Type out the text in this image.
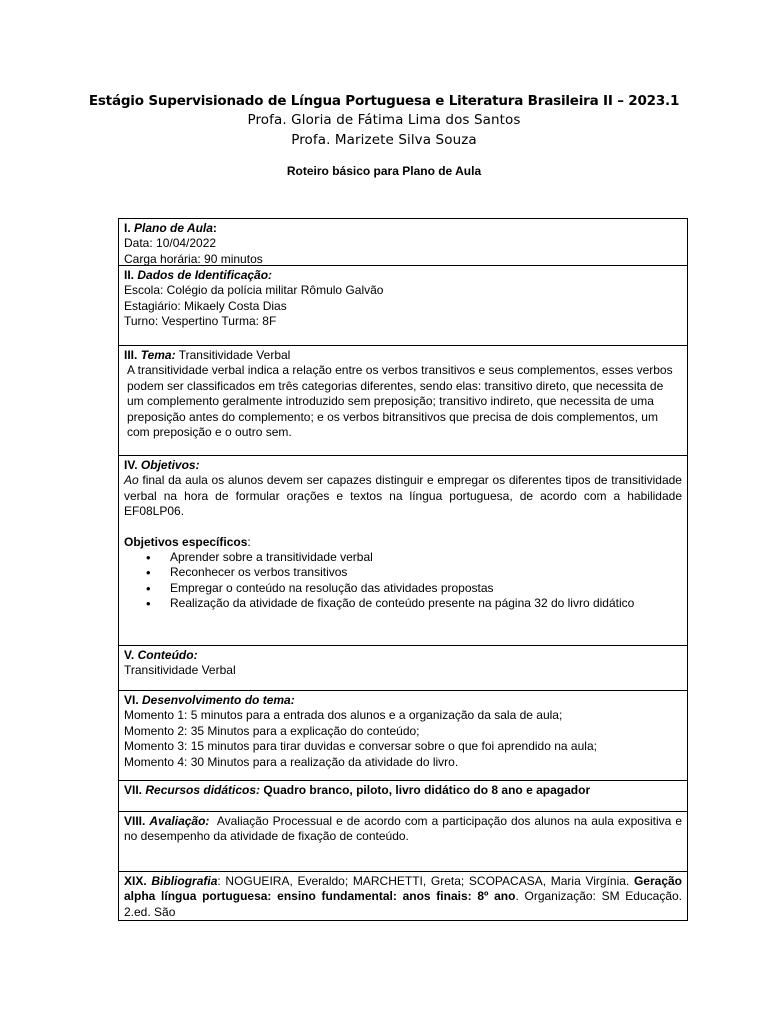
Estágio Supervisionado de Língua Portuguesa e Literatura Brasileira II – 2023.1
Profa. Gloria de Fátima Lima dos Santos
Profa. Marizete Silva Souza
Roteiro básico para Plano de Aula

I. Plano de Aula:

Data: 10/04/2022

Carga horária: 90 minutos

II. Dados de Identificação:

Escola: Colégio da polícia militar Rômulo Galvão

Estagiário: Mikaely Costa Dias

Turno: Vespertino Turma: 8F

III. Tema: Transitividade Verbal

A transitividade verbal indica a relação entre os verbos transitivos e seus complementos, esses verbos podem ser classificados em três categorias diferentes, sendo elas: transitivo direto, que necessita de um complemento geralmente introduzido sem preposição; transitivo indireto, que necessita de uma preposição antes do complemento; e os verbos bitransitivos que precisa de dois complementos, um com preposição e o outro sem.

IV. Objetivos:

Ao final da aula os alunos devem ser capazes distinguir e empregar os diferentes tipos de transitividade verbal na hora de formular orações e textos na língua portuguesa, de acordo com a habilidade EF08LP06.

Objetivos específicos:

• Aprender sobre a transitividade verbal
• Reconhecer os verbos transitivos
• Empregar o conteúdo na resolução das atividades propostas
• Realização da atividade de fixação de conteúdo presente na página 32 do livro didático

V. Conteúdo:

Transitividade Verbal

VI. Desenvolvimento do tema:

Momento 1: 5 minutos para a entrada dos alunos e a organização da sala de aula;

Momento 2: 35 Minutos para a explicação do conteúdo;

Momento 3: 15 minutos para tirar duvidas e conversar sobre o que foi aprendido na aula;

Momento 4: 30 Minutos para a realização da atividade do livro.

VII. Recursos didáticos: Quadro branco, piloto, livro didático do 8 ano e apagador

VIII. Avaliação: Avaliação Processual e de acordo com a participação dos alunos na aula expositiva e no desempenho da atividade de fixação de conteúdo.

XIX. Bibliografia: NOGUEIRA, Everaldo; MARCHETTI, Greta; SCOPACASA, Maria Virgínia. Geração alpha língua portuguesa: ensino fundamental: anos finais: 8º ano. Organização: SM Educação. 2.ed. São
